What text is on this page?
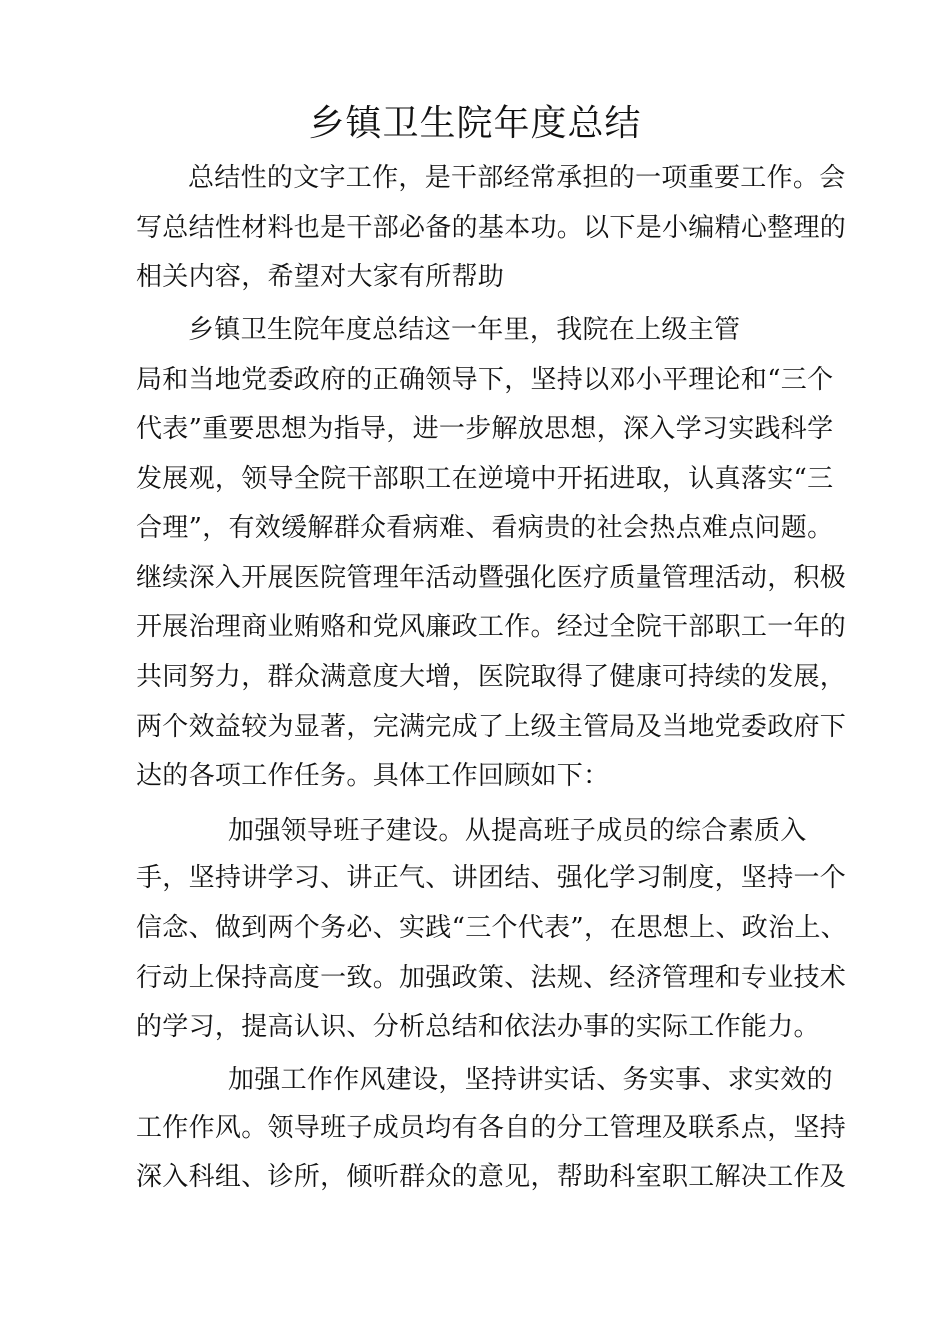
乡镇卫生院年度总结
总结性的文字工作，是干部经常承担的一项重要工作。会
写总结性材料也是干部必备的基本功。以下是小编精心整理的
相关内容，希望对大家有所帮助
乡镇卫生院年度总结这一年里，我院在上级主管
局和当地党委政府的正确领导下，坚持以邓小平理论和“三个
代表”重要思想为指导，进一步解放思想，深入学习实践科学
发展观，领导全院干部职工在逆境中开拓进取，认真落实“三
合理”，有效缓解群众看病难、看病贵的社会热点难点问题。
继续深入开展医院管理年活动暨强化医疗质量管理活动，积极
开展治理商业贿赂和党风廉政工作。经过全院干部职工一年的
共同努力，群众满意度大增，医院取得了健康可持续的发展，
两个效益较为显著，完满完成了上级主管局及当地党委政府下
达的各项工作任务。具体工作回顾如下：
加强领导班子建设。从提高班子成员的综合素质入
手，坚持讲学习、讲正气、讲团结、强化学习制度，坚持一个
信念、做到两个务必、实践“三个代表”，在思想上、政治上、
行动上保持高度一致。加强政策、法规、经济管理和专业技术
的学习，提高认识、分析总结和依法办事的实际工作能力。
加强工作作风建设，坚持讲实话、务实事、求实效的
工作作风。领导班子成员均有各自的分工管理及联系点，坚持
深入科组、诊所，倾听群众的意见，帮助科室职工解决工作及
